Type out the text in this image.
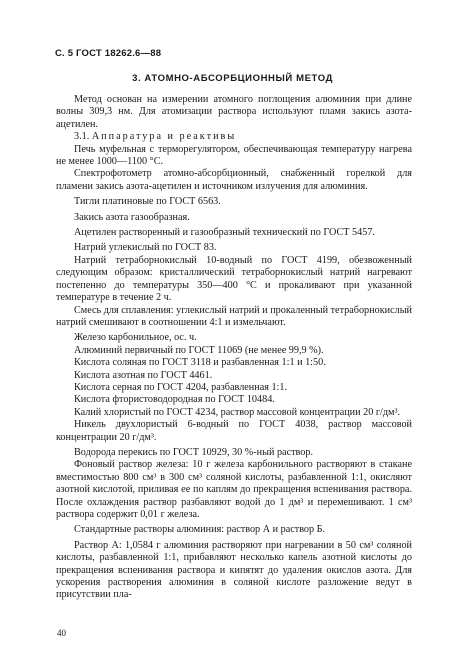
С. 5 ГОСТ 18262.6—88
3. АТОМНО-АБСОРБЦИОННЫЙ МЕТОД

Метод основан на измерении атомного поглощения алюминия при длине волны 309,3 нм. Для атомизации раствора используют пламя закись азота-ацетилен.

3.1. Аппаратура и реактивы

Печь муфельная с терморегулятором, обеспечивающая температуру нагрева не менее 1000—1100 °С.

Спектрофотометр атомно-абсорбционный, снабженный горелкой для пламени закись азота-ацетилен и источником излучения для алюминия.

Тигли платиновые по ГОСТ 6563.

Закись азота газообразная.

Ацетилен растворенный и газообразный технический по ГОСТ 5457.

Натрий углекислый по ГОСТ 83.

Натрий тетраборнокислый 10-водный по ГОСТ 4199, обезвоженный следующим образом: кристаллический тетраборнокислый натрий нагревают постепенно до температуры 350—400 °С и прокаливают при указанной температуре в течение 2 ч.

Смесь для сплавления: углекислый натрий и прокаленный тетраборнокислый натрий смешивают в соотношении 4:1 и измельчают.

Железо карбонильное, ос. ч.

Алюминий первичный по ГОСТ 11069 (не менее 99,9 %).

Кислота соляная по ГОСТ 3118 и разбавленная 1:1 и 1:50.

Кислота азотная по ГОСТ 4461.

Кислота серная по ГОСТ 4204, разбавленная 1:1.

Кислота фтористоводородная по ГОСТ 10484.

Калий хлористый по ГОСТ 4234, раствор массовой концентрации 20 г/дм³.

Никель двухлористый 6-водный по ГОСТ 4038, раствор массовой концентрации 20 г/дм³.

Водорода перекись по ГОСТ 10929, 30 %-ный раствор.

Фоновый раствор железа: 10 г железа карбонильного растворяют в стакане вместимостью 800 см³ в 300 см³ соляной кислоты, разбавленной 1:1, окисляют азотной кислотой, приливая ее по каплям до прекращения вспенивания раствора. После охлаждения раствор разбавляют водой до 1 дм³ и перемешивают. 1 см³ раствора содержит 0,01 г железа.

Стандартные растворы алюминия: раствор А и раствор Б.

Раствор А: 1,0584 г алюминия растворяют при нагревании в 50 см³ соляной кислоты, разбавленной 1:1, прибавляют несколько капель азотной кислоты до прекращения вспенивания раствора и кипятят до удаления окислов азота. Для ускорения растворения алюминия в соляной кислоте разложение ведут в присутствии пла-

40
